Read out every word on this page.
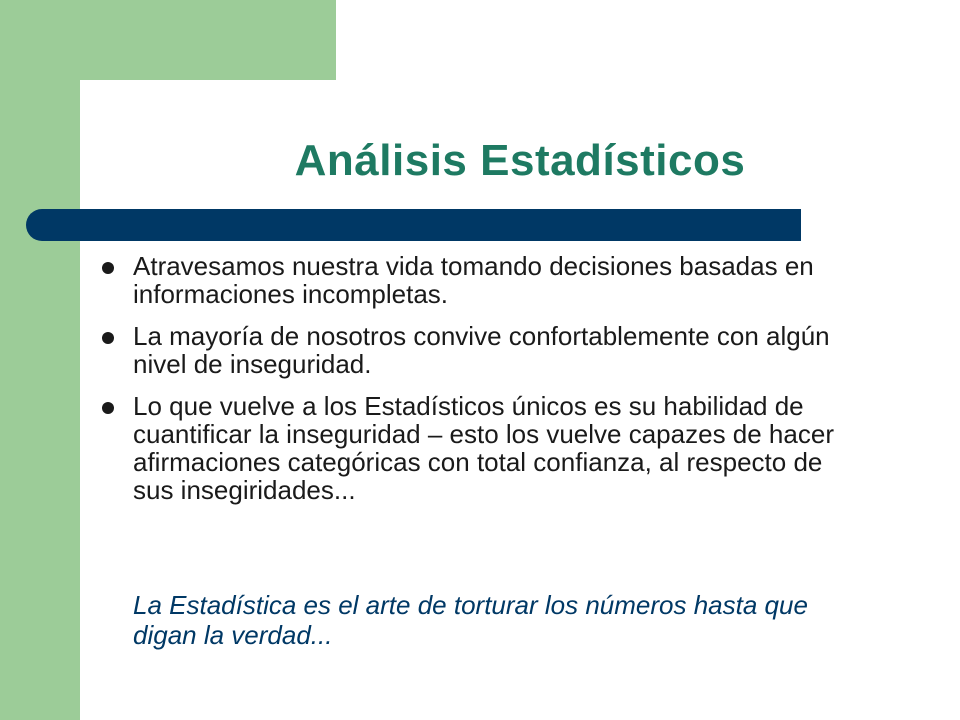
Análisis Estadísticos
Atravesamos nuestra vida tomando decisiones basadas en informaciones incompletas.
La mayoría de nosotros convive confortablemente con algún nivel de inseguridad.
Lo que vuelve a los Estadísticos únicos es su habilidad de cuantificar la inseguridad – esto los vuelve capazes de hacer afirmaciones categóricas con total confianza, al respecto de sus insegiridades...
La Estadística es el arte de torturar los números hasta que digan la verdad...
